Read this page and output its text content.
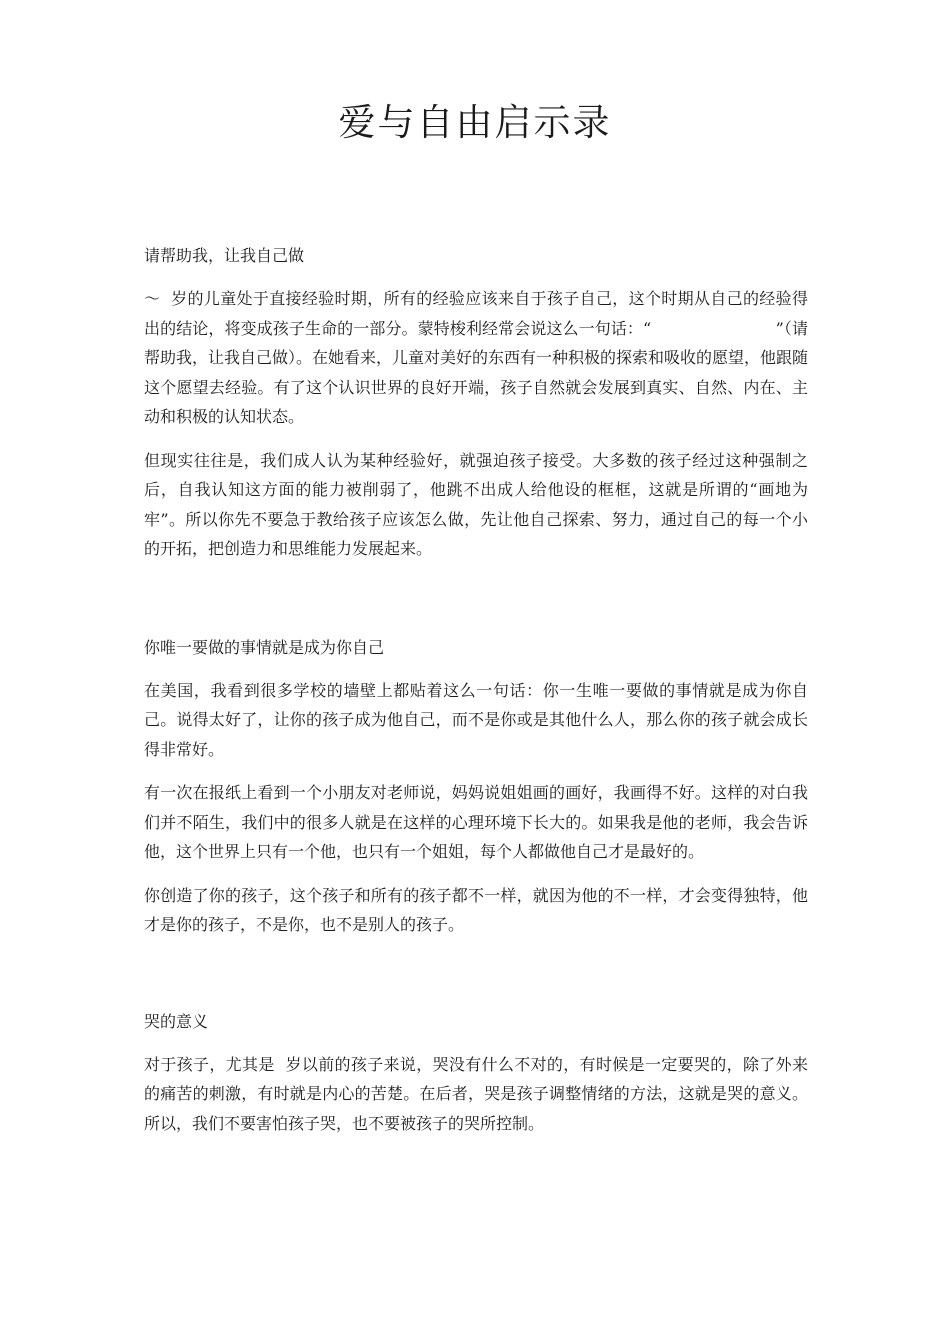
爱与自由启示录

请帮助我，让我自己做

～  岁的儿童处于直接经验时期，所有的经验应该来自于孩子自己，这个时期从自己的经验得出的结论，将变成孩子生命的一部分。蒙特梭利经常会说这么一句话：“                        ”（请帮助我，让我自己做）。在她看来，儿童对美好的东西有一种积极的探索和吸收的愿望，他跟随这个愿望去经验。有了这个认识世界的良好开端，孩子自然就会发展到真实、自然、内在、主动和积极的认知状态。

但现实往往是，我们成人认为某种经验好，就强迫孩子接受。大多数的孩子经过这种强制之后，自我认知这方面的能力被削弱了，他跳不出成人给他设的框框，这就是所谓的“画地为牢”。所以你先不要急于教给孩子应该怎么做，先让他自己探索、努力，通过自己的每一个小的开拓，把创造力和思维能力发展起来。

你唯一要做的事情就是成为你自己

在美国，我看到很多学校的墙壁上都贴着这么一句话：你一生唯一要做的事情就是成为你自己。说得太好了，让你的孩子成为他自己，而不是你或是其他什么人，那么你的孩子就会成长得非常好。

有一次在报纸上看到一个小朋友对老师说，妈妈说姐姐画的画好，我画得不好。这样的对白我们并不陌生，我们中的很多人就是在这样的心理环境下长大的。如果我是他的老师，我会告诉他，这个世界上只有一个他，也只有一个姐姐，每个人都做他自己才是最好的。

你创造了你的孩子，这个孩子和所有的孩子都不一样，就因为他的不一样，才会变得独特，他才是你的孩子，不是你，也不是别人的孩子。

哭的意义

对于孩子，尤其是  岁以前的孩子来说，哭没有什么不对的，有时候是一定要哭的，除了外来的痛苦的刺激，有时就是内心的苦楚。在后者，哭是孩子调整情绪的方法，这就是哭的意义。所以，我们不要害怕孩子哭，也不要被孩子的哭所控制。
